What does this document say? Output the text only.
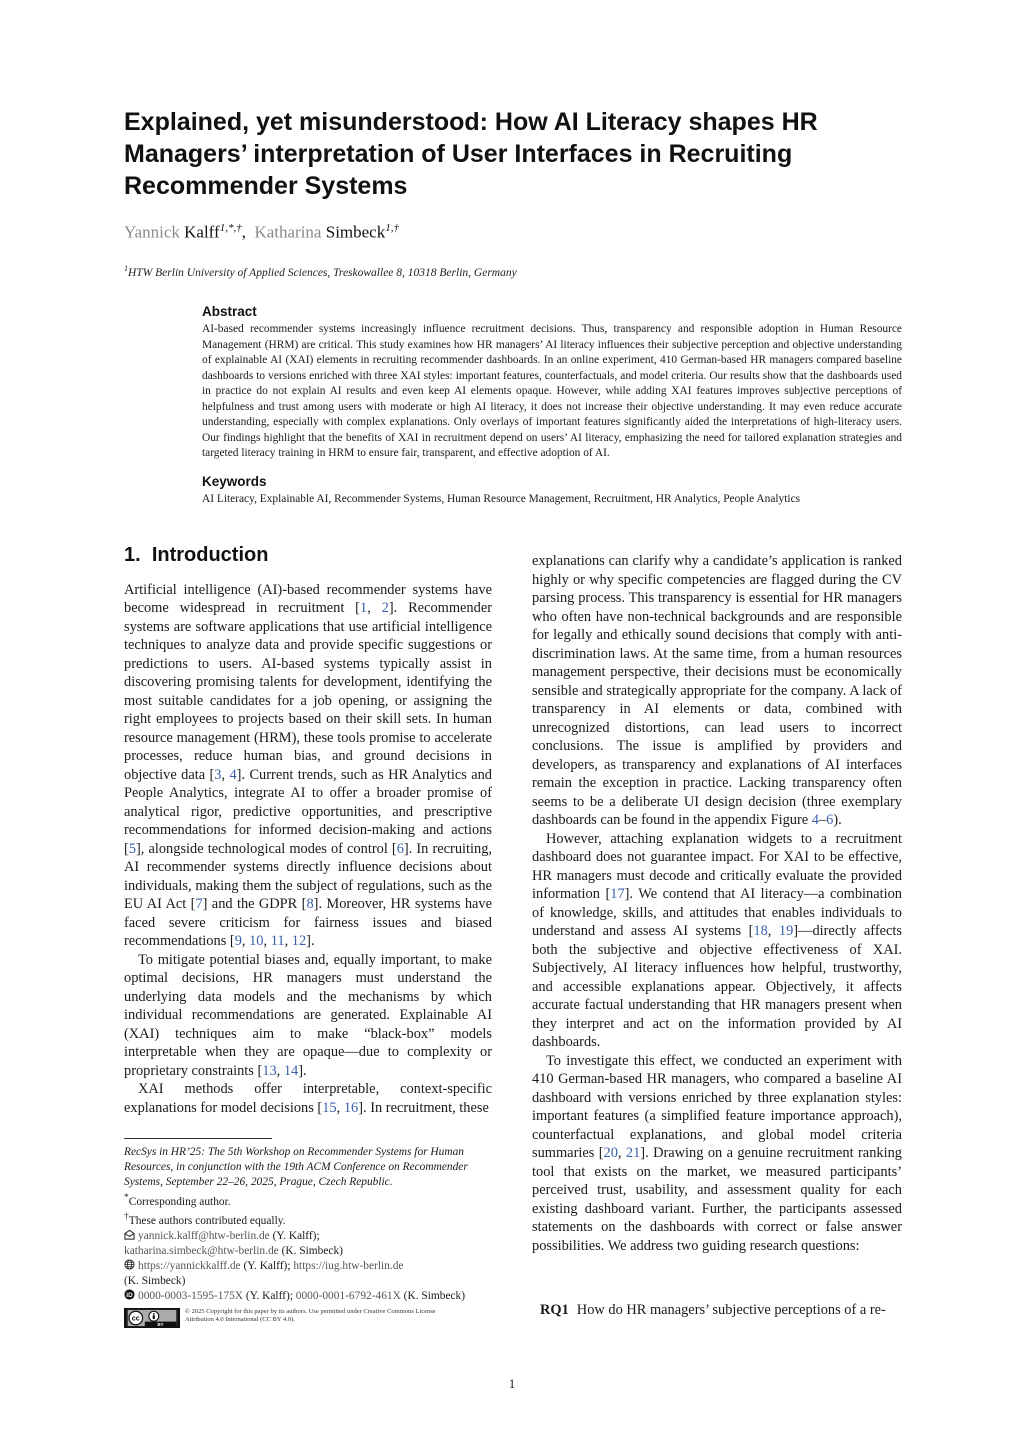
Explained, yet misunderstood: How AI Literacy shapes HR Managers’ interpretation of User Interfaces in Recruiting Recommender Systems
Yannick Kalff$^{1,*,\dagger}$, Katharina Simbeck$^{1,\dagger}$
$^1$HTW Berlin University of Applied Sciences, Treskowallee 8, 10318 Berlin, Germany
Abstract

AI-based recommender systems increasingly influence recruitment decisions. Thus, transparency and responsible adoption in Human Resource Management (HRM) are critical. This study examines how HR managers’ AI literacy influences their subjective perception and objective understanding of explainable AI (XAI) elements in recruiting recommender dashboards. In an online experiment, 410 German-based HR managers compared baseline dashboards to versions enriched with three XAI styles: important features, counterfactuals, and model criteria. Our results show that the dashboards used in practice do not explain AI results and even keep AI elements opaque. However, while adding XAI features improves subjective perceptions of helpfulness and trust among users with moderate or high AI literacy, it does not increase their objective understanding. It may even reduce accurate understanding, especially with complex explanations. Only overlays of important features significantly aided the interpretations of high-literacy users. Our findings highlight that the benefits of XAI in recruitment depend on users’ AI literacy, emphasizing the need for tailored explanation strategies and targeted literacy training in HRM to ensure fair, transparent, and effective adoption of AI.

Keywords

AI Literacy, Explainable AI, Recommender Systems, Human Resource Management, Recruitment, HR Analytics, People Analytics

1. Introduction

Artificial intelligence (AI)-based recommender systems have become widespread in recruitment [1, 2]. Recommender systems are software applications that use artificial intelligence techniques to analyze data and provide specific suggestions or predictions to users. AI-based systems typically assist in discovering promising talents for development, identifying the most suitable candidates for a job opening, or assigning the right employees to projects based on their skill sets. In human resource management (HRM), these tools promise to accelerate processes, reduce human bias, and ground decisions in objective data [3, 4]. Current trends, such as HR Analytics and People Analytics, integrate AI to offer a broader promise of analytical rigor, predictive opportunities, and prescriptive recommendations for informed decision-making and actions [5], alongside technological modes of control [6]. In recruiting, AI recommender systems directly influence decisions about individuals, making them the subject of regulations, such as the EU AI Act [7] and the GDPR [8]. Moreover, HR systems have faced severe criticism for fairness issues and biased recommendations [9, 10, 11, 12].

To mitigate potential biases and, equally important, to make optimal decisions, HR managers must understand the underlying data models and the mechanisms by which individual recommendations are generated. Explainable AI (XAI) techniques aim to make “black-box” models interpretable when they are opaque—due to complexity or proprietary constraints [13, 14].

XAI methods offer interpretable, context-specific explanations for model decisions [15, 16]. In recruitment, these

explanations can clarify why a candidate’s application is ranked highly or why specific competencies are flagged during the CV parsing process. This transparency is essential for HR managers who often have non-technical backgrounds and are responsible for legally and ethically sound decisions that comply with anti-discrimination laws. At the same time, from a human resources management perspective, their decisions must be economically sensible and strategically appropriate for the company. A lack of transparency in AI elements or data, combined with unrecognized distortions, can lead users to incorrect conclusions. The issue is amplified by providers and developers, as transparency and explanations of AI interfaces remain the exception in practice. Lacking transparency often seems to be a deliberate UI design decision (three exemplary dashboards can be found in the appendix Figure 4–6).

However, attaching explanation widgets to a recruitment dashboard does not guarantee impact. For XAI to be effective, HR managers must decode and critically evaluate the provided information [17]. We contend that AI literacy—a combination of knowledge, skills, and attitudes that enables individuals to understand and assess AI systems [18, 19]—directly affects both the subjective and objective effectiveness of XAI. Subjectively, AI literacy influences how helpful, trustworthy, and accessible explanations appear. Objectively, it affects accurate factual understanding that HR managers present when they interpret and act on the information provided by AI dashboards.

To investigate this effect, we conducted an experiment with 410 German-based HR managers, who compared a baseline AI dashboard with versions enriched by three explanation styles: important features (a simplified feature importance approach), counterfactual explanations, and global model criteria summaries [20, 21]. Drawing on a genuine recruitment ranking tool that exists on the market, we measured participants’ perceived trust, usability, and assessment quality for each existing dashboard variant. Further, the participants assessed statements on the dashboards with correct or false answer possibilities. We address two guiding research questions:

RQ1 How do HR managers’ subjective perceptions of a re-

RecSys in HR’25: The 5th Workshop on Recommender Systems for Human Resources, in conjunction with the 19th ACM Conference on Recommender Systems, September 22–26, 2025, Prague, Czech Republic.

*Corresponding author.

†These authors contributed equally.

yannick.kalff@htw-berlin.de (Y. Kalff);

katharina.simbeck@htw-berlin.de (K. Simbeck)

https://yannickkalff.de (Y. Kalff); https://iug.htw-berlin.de

(K. Simbeck)

iD 0000-0003-1595-175X (Y. Kalff); 0000-0001-6792-461X (K. Simbeck)

cc
BY
© 2025 Copyright for this paper by its authors. Use permitted under Creative Commons License
Attribution 4.0 International (CC BY 4.0).
1
